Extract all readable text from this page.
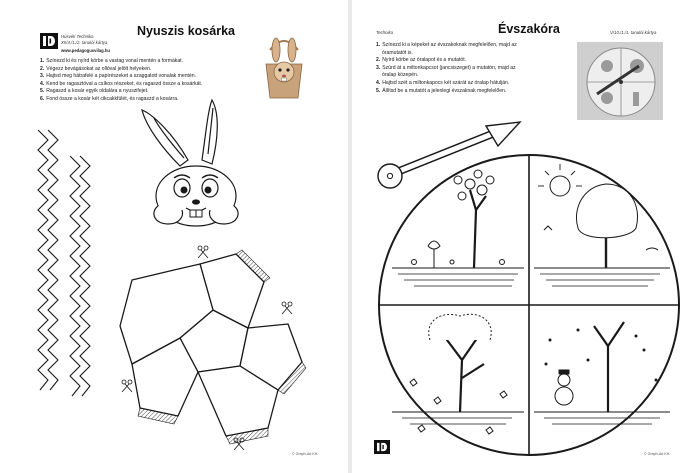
Húsvéti Technika
XII/4./1./2. tanulói kártya
www.pedagogusvilag.hu
Nyuszis kosárka
1. Színezd ki és nyírd körbe a vastag vonal mentén a formákat.
2. Végezz bevágásokat az ollóval jelölt helyeken.
3. Hajtsd meg hátrafelé a papírészeket a szaggatott vonalak mentén.
4. Kend be ragasztóval a csíkos részeket, és ragaszd össze a kosárkát.
5. Ragaszd a kosár egyik oldalára a nyuszifejet.
6. Fond össze a kosár két cikcakkfülét, és ragaszd a kosárra.
© Graph-Art Kft.
Technika	Évszakóra	V/10./1./1. tanulói kártya
1. Színezd ki a képeket az évszakoknak megfelelően, majd az
óramutatót is.
2. Nyírd körbe az óralapot és a mutatót.
3. Szúrd át a miltonkapcsot (jancsiszeget) a mutatón, majd az
óralap közepén.
4. Hajtsd szét a miltonkapocs két szárát az óralap hátulján.
5. Állítsd be a mutatót a jelenlegi évszaknak megfelelően.
© Graph-Art Kft.
